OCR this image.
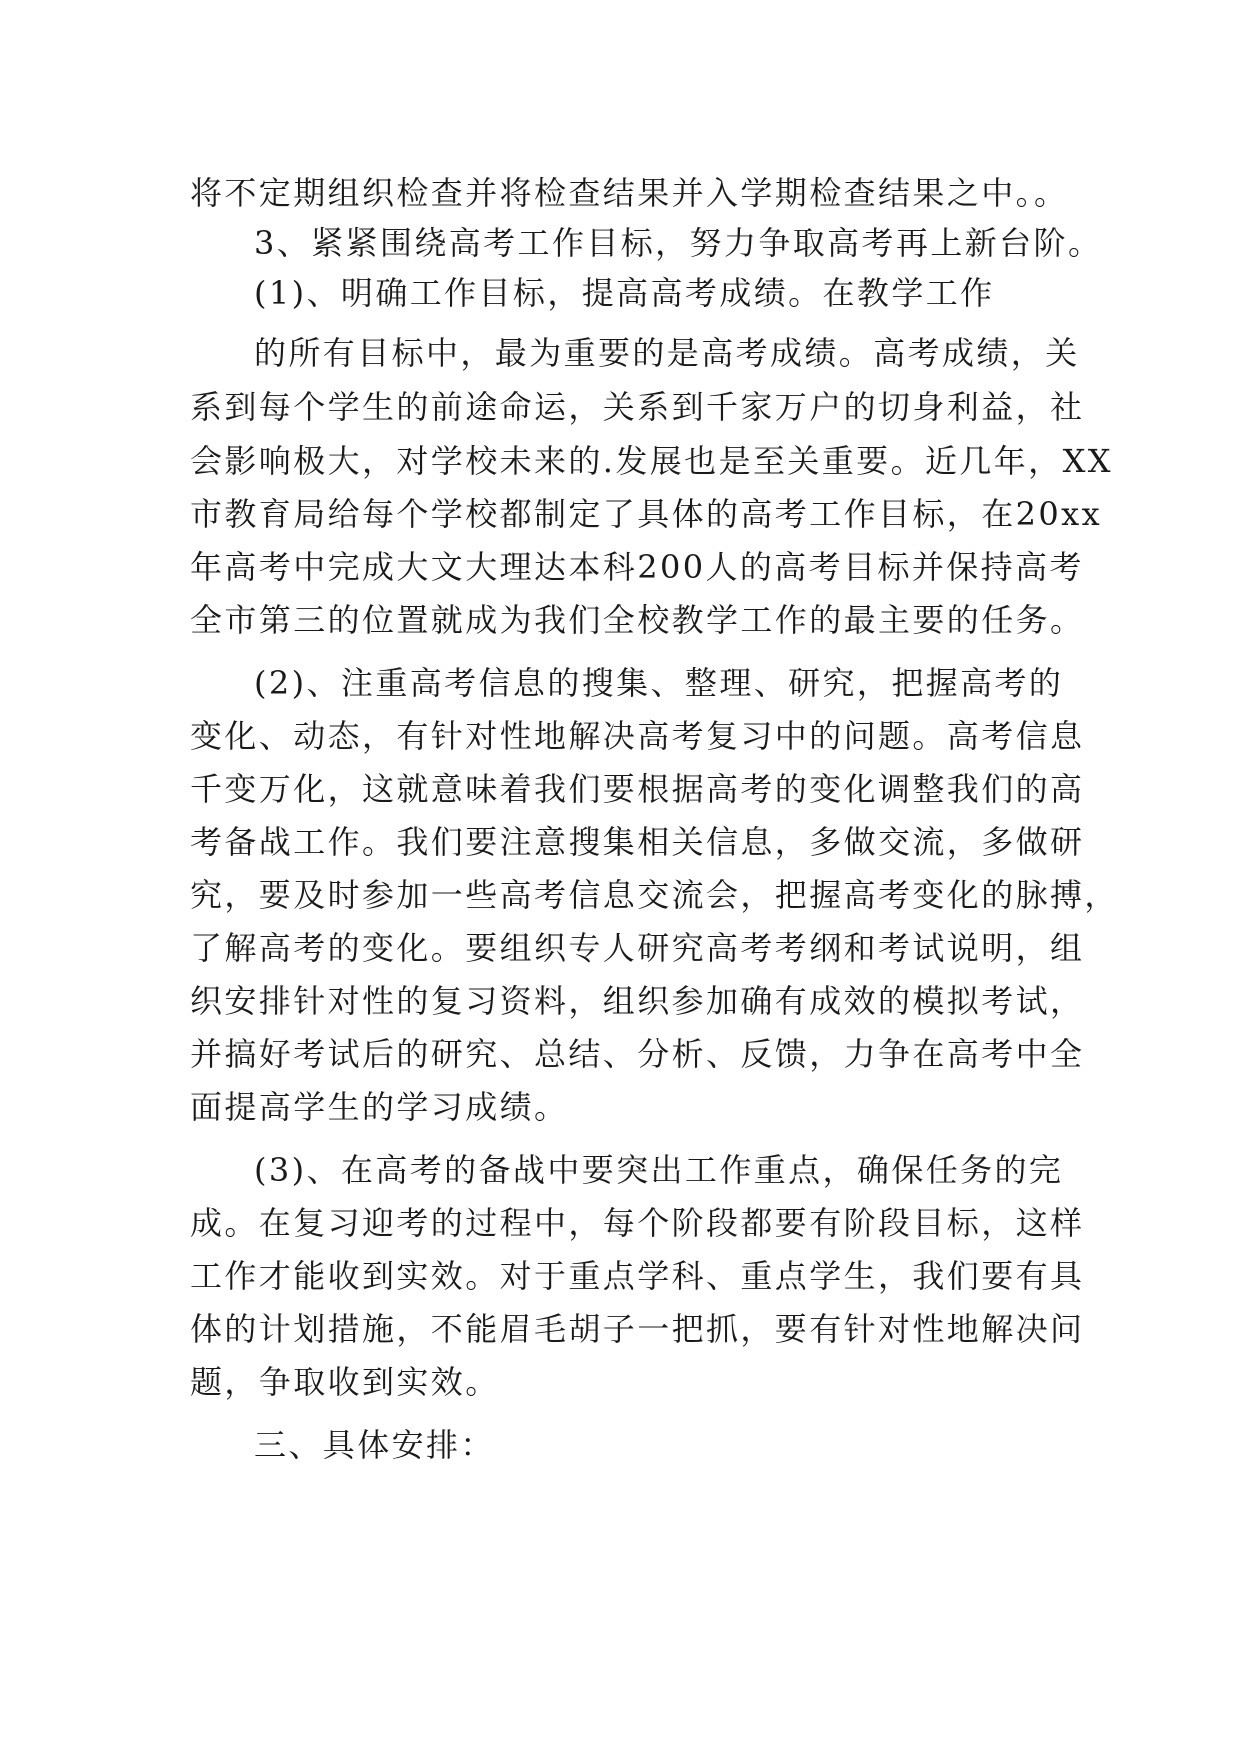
将不定期组织检查并将检查结果并入学期检查结果之中。。
3、紧紧围绕高考工作目标，努力争取高考再上新台阶。
(1)、明确工作目标，提高高考成绩。在教学工作
的所有目标中，最为重要的是高考成绩。高考成绩，关
系到每个学生的前途命运，关系到千家万户的切身利益，社
会影响极大，对学校未来的.发展也是至关重要。近几年，XX
市教育局给每个学校都制定了具体的高考工作目标，在20xx
年高考中完成大文大理达本科200人的高考目标并保持高考
全市第三的位置就成为我们全校教学工作的最主要的任务。
(2)、注重高考信息的搜集、整理、研究，把握高考的
变化、动态，有针对性地解决高考复习中的问题。高考信息
千变万化，这就意味着我们要根据高考的变化调整我们的高
考备战工作。我们要注意搜集相关信息，多做交流，多做研
究，要及时参加一些高考信息交流会，把握高考变化的脉搏，
了解高考的变化。要组织专人研究高考考纲和考试说明，组
织安排针对性的复习资料，组织参加确有成效的模拟考试，
并搞好考试后的研究、总结、分析、反馈，力争在高考中全
面提高学生的学习成绩。
(3)、在高考的备战中要突出工作重点，确保任务的完
成。在复习迎考的过程中，每个阶段都要有阶段目标，这样
工作才能收到实效。对于重点学科、重点学生，我们要有具
体的计划措施，不能眉毛胡子一把抓，要有针对性地解决问
题，争取收到实效。
三、具体安排：
